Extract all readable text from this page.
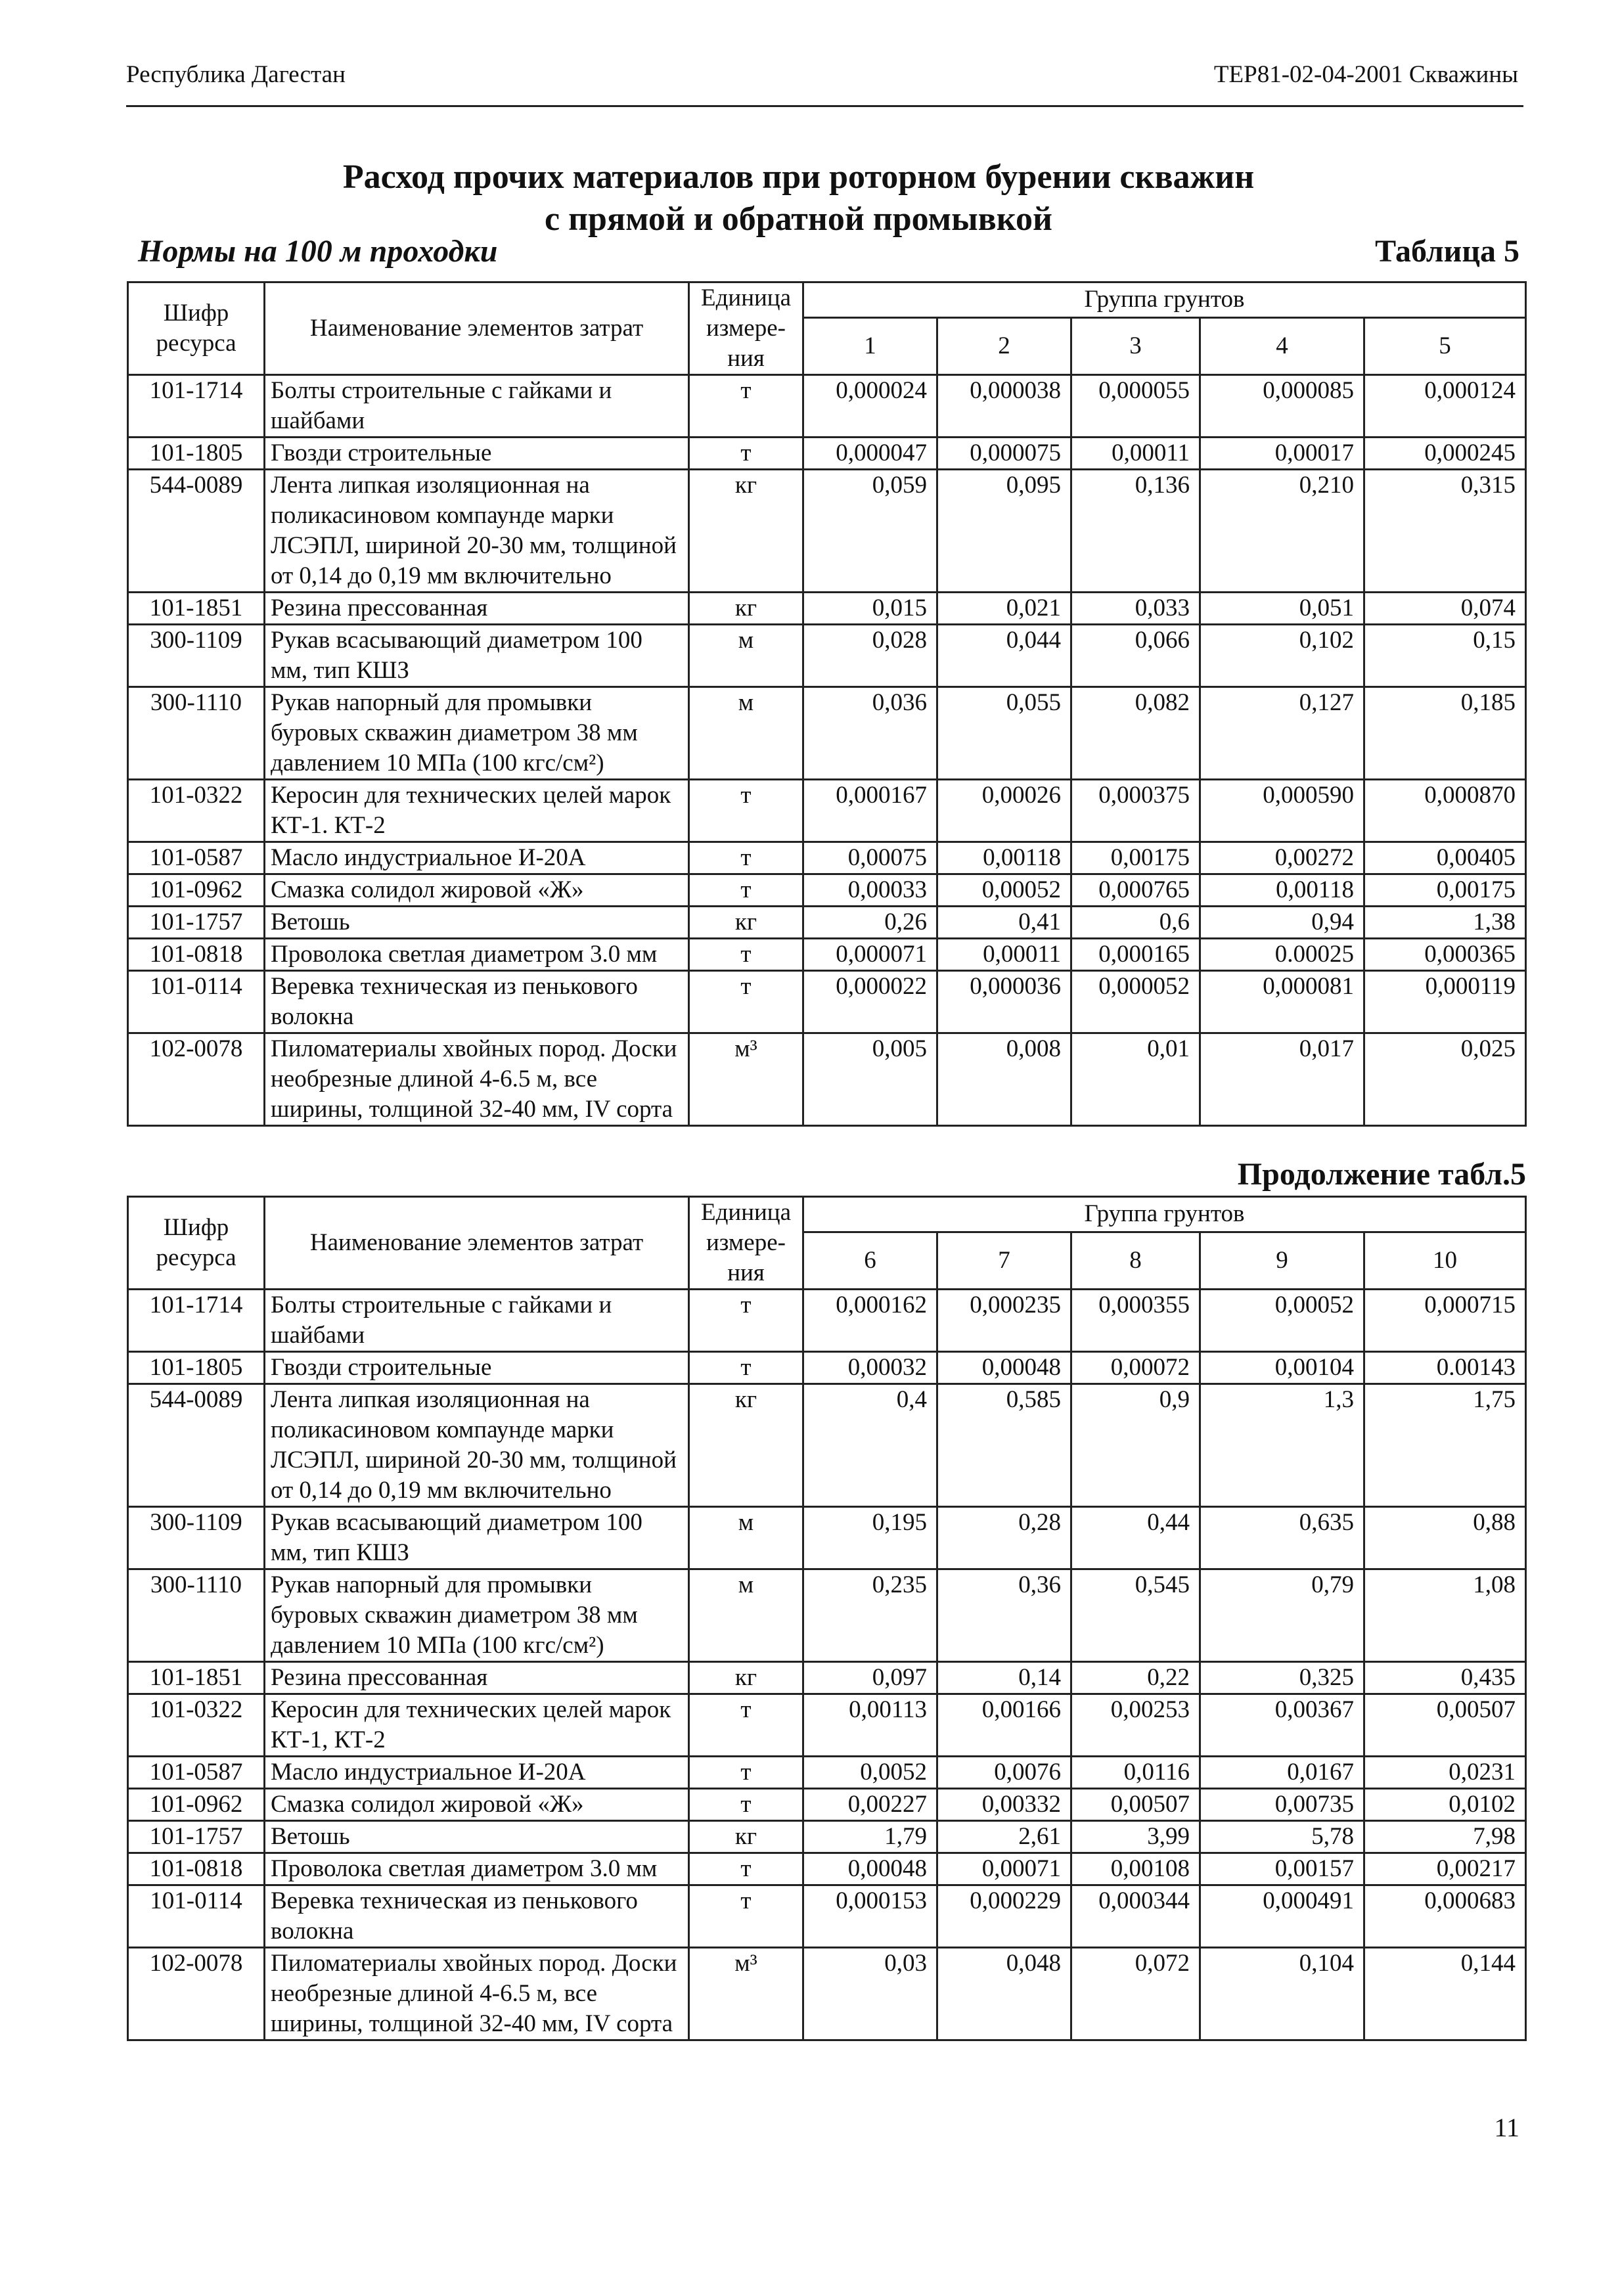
Республика Дагестан	ТЕР81-02-04-2001 Скважины
Расход прочих материалов при роторном бурении скважин
с прямой и обратной промывкой
Нормы на 100 м проходки	Таблица 5
Шифр ресурса	Наименование элементов затрат	Единица измере-ния	Группа грунтов				
			1	2	3	4	5
101-1714	Болты строительные с гайками и шайбами	т	0,000024	0,000038	0,000055	0,000085	0,000124
101-1805	Гвозди строительные	т	0,000047	0,000075	0,00011	0,00017	0,000245
544-0089	Лента липкая изоляционная на поликасиновом компаунде марки ЛСЭПЛ, шириной 20-30 мм, толщиной от 0,14 до 0,19 мм включительно	кг	0,059	0,095	0,136	0,210	0,315
101-1851	Резина прессованная	кг	0,015	0,021	0,033	0,051	0,074
300-1109	Рукав всасывающий диаметром 100 мм, тип КШЗ	м	0,028	0,044	0,066	0,102	0,15
300-1110	Рукав напорный для промывки буровых скважин диаметром 38 мм давлением 10 МПа (100 кгс/см²)	м	0,036	0,055	0,082	0,127	0,185
101-0322	Керосин для технических целей марок КТ-1. КТ-2	т	0,000167	0,00026	0,000375	0,000590	0,000870
101-0587	Масло индустриальное И-20А	т	0,00075	0,00118	0,00175	0,00272	0,00405
101-0962	Смазка солидол жировой «Ж»	т	0,00033	0,00052	0,000765	0,00118	0,00175
101-1757	Ветошь	кг	0,26	0,41	0,6	0,94	1,38
101-0818	Проволока светлая диаметром 3.0 мм	т	0,000071	0,00011	0,000165	0.00025	0,000365
101-0114	Веревка техническая из пенькового волокна	т	0,000022	0,000036	0,000052	0,000081	0,000119
102-0078	Пиломатериалы хвойных пород. Доски необрезные длиной 4-6.5 м, все ширины, толщиной 32-40 мм, IV сорта	м³	0,005	0,008	0,01	0,017	0,025
Продолжение табл.5
Шифр ресурса	Наименование элементов затрат	Единица измере-ния	Группа грунтов				
			6	7	8	9	10
101-1714	Болты строительные с гайками и шайбами	т	0,000162	0,000235	0,000355	0,00052	0,000715
101-1805	Гвозди строительные	т	0,00032	0,00048	0,00072	0,00104	0.00143
544-0089	Лента липкая изоляционная на поликасиновом компаунде марки ЛСЭПЛ, шириной 20-30 мм, толщиной от 0,14 до 0,19 мм включительно	кг	0,4	0,585	0,9	1,3	1,75
300-1109	Рукав всасывающий диаметром 100 мм, тип КШЗ	м	0,195	0,28	0,44	0,635	0,88
300-1110	Рукав напорный для промывки буровых скважин диаметром 38 мм давлением 10 МПа (100 кгс/см²)	м	0,235	0,36	0,545	0,79	1,08
101-1851	Резина прессованная	кг	0,097	0,14	0,22	0,325	0,435
101-0322	Керосин для технических целей марок КТ-1, КТ-2	т	0,00113	0,00166	0,00253	0,00367	0,00507
101-0587	Масло индустриальное И-20А	т	0,0052	0,0076	0,0116	0,0167	0,0231
101-0962	Смазка солидол жировой «Ж»	т	0,00227	0,00332	0,00507	0,00735	0,0102
101-1757	Ветошь	кг	1,79	2,61	3,99	5,78	7,98
101-0818	Проволока светлая диаметром 3.0 мм	т	0,00048	0,00071	0,00108	0,00157	0,00217
101-0114	Веревка техническая из пенькового волокна	т	0,000153	0,000229	0,000344	0,000491	0,000683
102-0078	Пиломатериалы хвойных пород. Доски необрезные длиной 4-6.5 м, все ширины, толщиной 32-40 мм, IV сорта	м³	0,03	0,048	0,072	0,104	0,144
11
